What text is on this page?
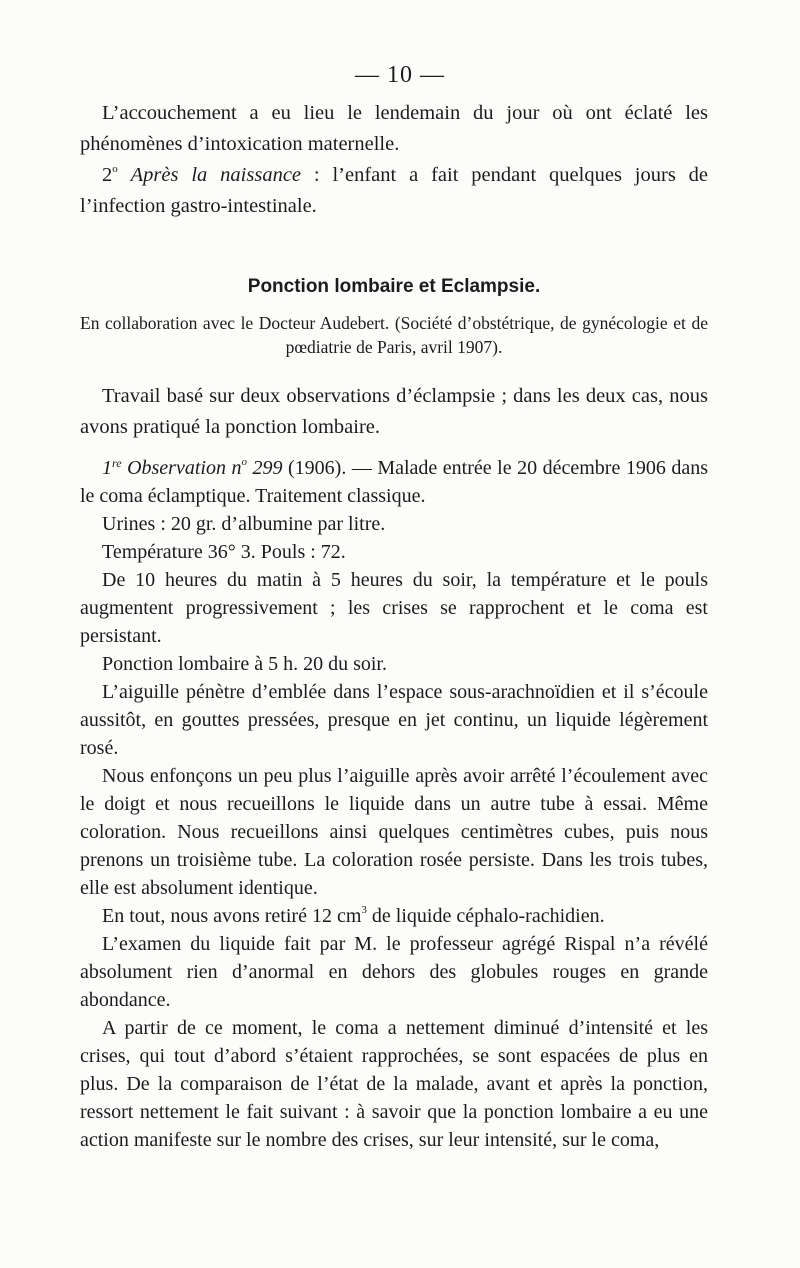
— 10 —

L’accouchement a eu lieu le lendemain du jour où ont éclaté les phénomènes d’intoxication maternelle.

2$^o$ Après la naissance : l’enfant a fait pendant quelques jours de l’infection gastro-intestinale.

Ponction lombaire et Eclampsie.

En collaboration avec le Docteur Audebert. (Société d’obstétrique, de gynécologie et de pœdiatrie de Paris, avril 1907).

Travail basé sur deux observations d’éclampsie ; dans les deux cas, nous avons pratiqué la ponction lombaire.

1re Observation $n^o$ 299 (1906). — Malade entrée le 20 décembre 1906 dans le coma éclamptique. Traitement classique.

Urines : 20 gr. d’albumine par litre.

Température 36° 3. Pouls : 72.

De 10 heures du matin à 5 heures du soir, la température et le pouls augmentent progressivement ; les crises se rapprochent et le coma est persistant.

Ponction lombaire à 5 h. 20 du soir.

L’aiguille pénètre d’emblée dans l’espace sous-arachnoïdien et il s’écoule aussitôt, en gouttes pressées, presque en jet continu, un liquide légèrement rosé.

Nous enfonçons un peu plus l’aiguille après avoir arrêté l’écoulement avec le doigt et nous recueillons le liquide dans un autre tube à essai. Même coloration. Nous recueillons ainsi quelques centimètres cubes, puis nous prenons un troisième tube. La coloration rosée persiste. Dans les trois tubes, elle est absolument identique.

En tout, nous avons retiré 12 $cm^3$ de liquide céphalo-rachidien.

L’examen du liquide fait par M. le professeur agrégé Rispal n’a révélé absolument rien d’anormal en dehors des globules rouges en grande abondance.

A partir de ce moment, le coma a nettement diminué d’intensité et les crises, qui tout d’abord s’étaient rapprochées, se sont espacées de plus en plus. De la comparaison de l’état de la malade, avant et après la ponction, ressort nettement le fait suivant : à savoir que la ponction lombaire a eu une action manifeste sur le nombre des crises, sur leur intensité, sur le coma,
